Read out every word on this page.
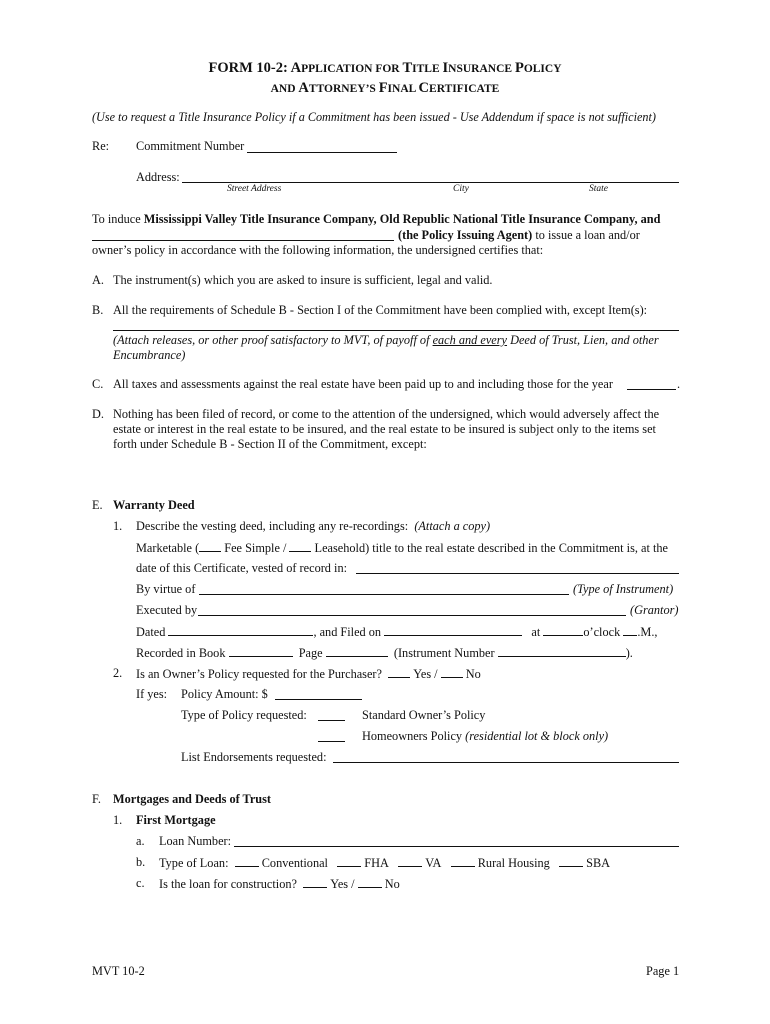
FORM 10-2: APPLICATION FOR TITLE INSURANCE POLICY
AND ATTORNEY’S FINAL CERTIFICATE
(Use to request a Title Insurance Policy if a Commitment has been issued - Use Addendum if space is not sufficient)
Re: Commitment Number
Address:
Street Address	City	State
To induce Mississippi Valley Title Insurance Company, Old Republic National Title Insurance Company, and
(the Policy Issuing Agent) to issue a loan and/or
owner’s policy in accordance with the following information, the undersigned certifies that:
A. The instrument(s) which you are asked to insure is sufficient, legal and valid.
B. All the requirements of Schedule B - Section I of the Commitment have been complied with, except Item(s):
(Attach releases, or other proof satisfactory to MVT, of payoff of each and every Deed of Trust, Lien, and other
Encumbrance)
C. All taxes and assessments against the real estate have been paid up to and including those for the year	.
D. Nothing has been filed of record, or come to the attention of the undersigned, which would adversely affect the
estate or interest in the real estate to be insured, and the real estate to be insured is subject only to the items set
forth under Schedule B - Section II of the Commitment, except:
E. Warranty Deed
1. Describe the vesting deed, including any re-recordings: (Attach a copy)
Marketable ( Fee Simple /  Leasehold) title to the real estate described in the Commitment is, at the
date of this Certificate, vested of record in:
By virtue of	(Type of Instrument)
Executed by	(Grantor)
Dated	, and Filed on	at	o’clock .M.,
Recorded in Book	Page	(Instrument Number	).
2. Is an Owner’s Policy requested for the Purchaser?	Yes / No
If yes: Policy Amount: $
Type of Policy requested:	Standard Owner’s Policy
Homeowners Policy (residential lot & block only)
List Endorsements requested:
F. Mortgages and Deeds of Trust
1. First Mortgage
a. Loan Number:
b. Type of Loan:	Conventional	FHA	VA	Rural Housing	SBA
c. Is the loan for construction?	Yes / No
MVT 10-2	Page 1
